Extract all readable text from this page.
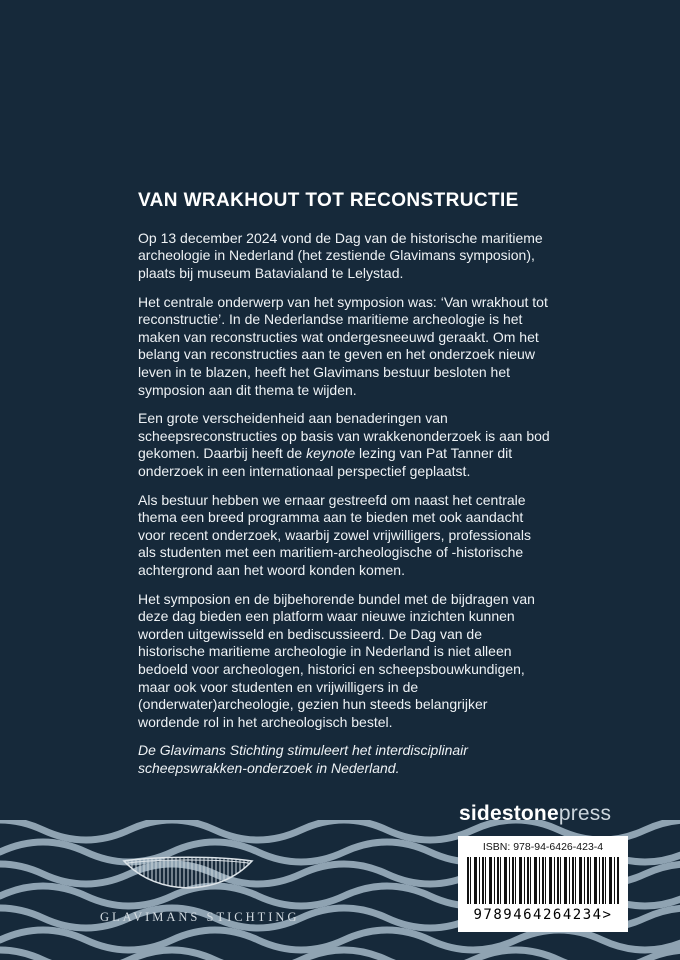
VAN WRAKHOUT TOT RECONSTRUCTIE

Op 13 december 2024 vond de Dag van de historische maritieme archeologie in Nederland (het zestiende Glavimans symposion), plaats bij museum Batavialand te Lelystad.

Het centrale onderwerp van het symposion was: ‘Van wrakhout tot reconstructie’. In de Nederlandse maritieme archeologie is het maken van reconstructies wat ondergesneeuwd geraakt. Om het belang van reconstructies aan te geven en het onderzoek nieuw leven in te blazen, heeft het Glavimans bestuur besloten het symposion aan dit thema te wijden.

Een grote verscheidenheid aan benaderingen van scheepsreconstructies op basis van wrakkenonderzoek is aan bod gekomen. Daarbij heeft de keynote lezing van Pat Tanner dit onderzoek in een internationaal perspectief geplaatst.

Als bestuur hebben we ernaar gestreefd om naast het centrale thema een breed programma aan te bieden met ook aandacht voor recent onderzoek, waarbij zowel vrijwilligers, professionals als studenten met een maritiem-archeologische of -historische achtergrond aan het woord konden komen.

Het symposion en de bijbehorende bundel met de bijdragen van deze dag bieden een platform waar nieuwe inzichten kunnen worden uitgewisseld en bediscussieerd. De Dag van de historische maritieme archeologie in Nederland is niet alleen bedoeld voor archeologen, historici en scheepsbouwkundigen, maar ook voor studenten en vrijwilligers in de (onderwater)archeologie, gezien hun steeds belangrijker wordende rol in het archeologisch bestel.

De Glavimans Stichting stimuleert het interdisciplinair scheepswrakken-onderzoek in Nederland.

sidestonepress
ISBN: 978-94-6426-423-4
9789464264234>
GLAVIMANS STICHTING
